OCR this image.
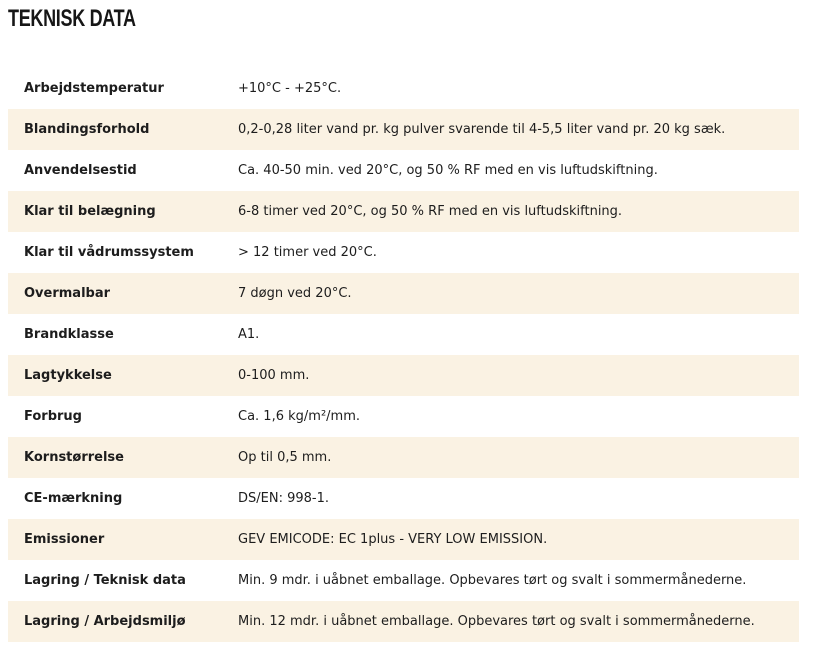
TEKNISK DATA
Arbejdstemperatur	+10°C - +25°C.
Blandingsforhold	0,2-0,28 liter vand pr. kg pulver svarende til 4-5,5 liter vand pr. 20 kg sæk.
Anvendelsestid	Ca. 40-50 min. ved 20°C, og 50 % RF med en vis luftudskiftning.
Klar til belægning	6-8 timer ved 20°C, og 50 % RF med en vis luftudskiftning.
Klar til vådrumssystem	> 12 timer ved 20°C.
Overmalbar	7 døgn ved 20°C.
Brandklasse	A1.
Lagtykkelse	0-100 mm.
Forbrug	Ca. 1,6 kg/m²/mm.
Kornstørrelse	Op til 0,5 mm.
CE-mærkning	DS/EN: 998-1.
Emissioner	GEV EMICODE: EC 1plus - VERY LOW EMISSION.
Lagring / Teknisk data	Min. 9 mdr. i uåbnet emballage. Opbevares tørt og svalt i sommermånederne.
Lagring / Arbejdsmiljø	Min. 12 mdr. i uåbnet emballage. Opbevares tørt og svalt i sommermånederne.
